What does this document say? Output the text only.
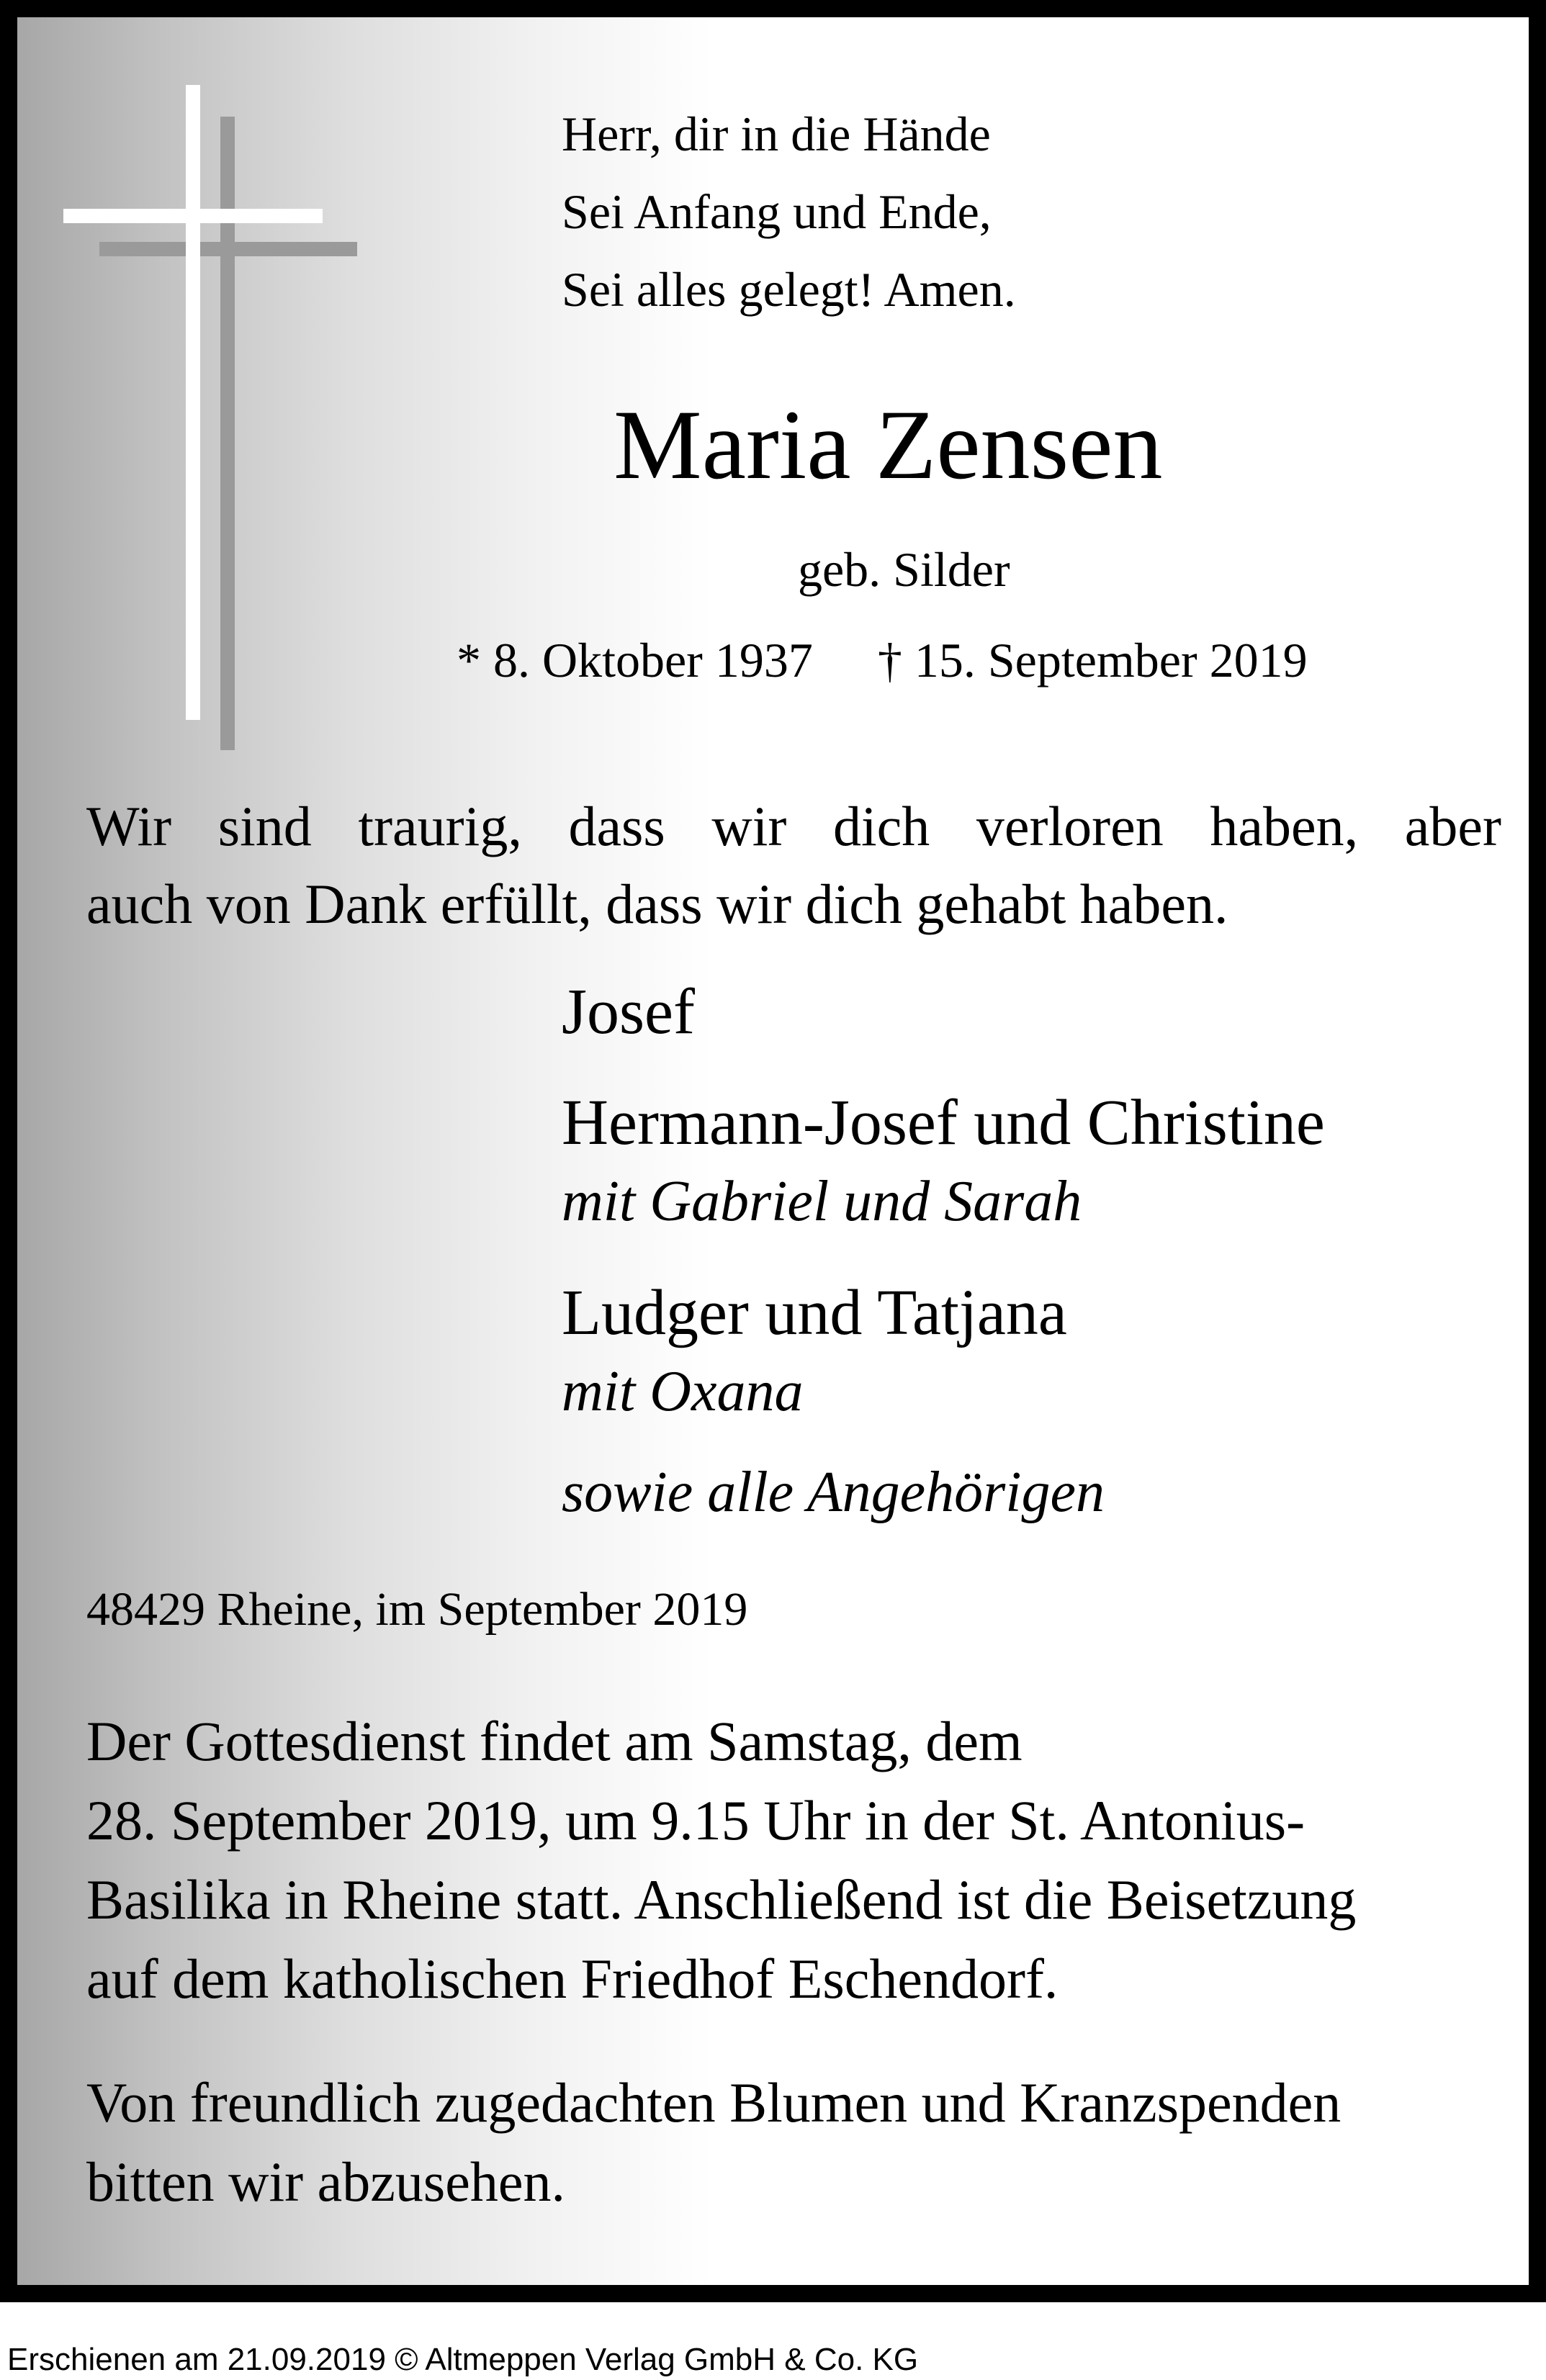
Herr, dir in die Hände
Sei Anfang und Ende,
Sei alles gelegt! Amen.
Maria Zensen
geb. Silder
* 8. Oktober 1937 † 15. September 2019
Wir sind traurig, dass wir dich verloren haben, aber
auch von Dank erfüllt, dass wir dich gehabt haben.
Josef
Hermann-Josef und Christine
mit Gabriel und Sarah
Ludger und Tatjana
mit Oxana
sowie alle Angehörigen
48429 Rheine, im September 2019
Der Gottesdienst findet am Samstag, dem
28. September 2019, um 9.15 Uhr in der St. Antonius-
Basilika in Rheine statt. Anschließend ist die Beisetzung
auf dem katholischen Friedhof Eschendorf.
Von freundlich zugedachten Blumen und Kranzspenden
bitten wir abzusehen.
Erschienen am 21.09.2019 © Altmeppen Verlag GmbH & Co. KG
